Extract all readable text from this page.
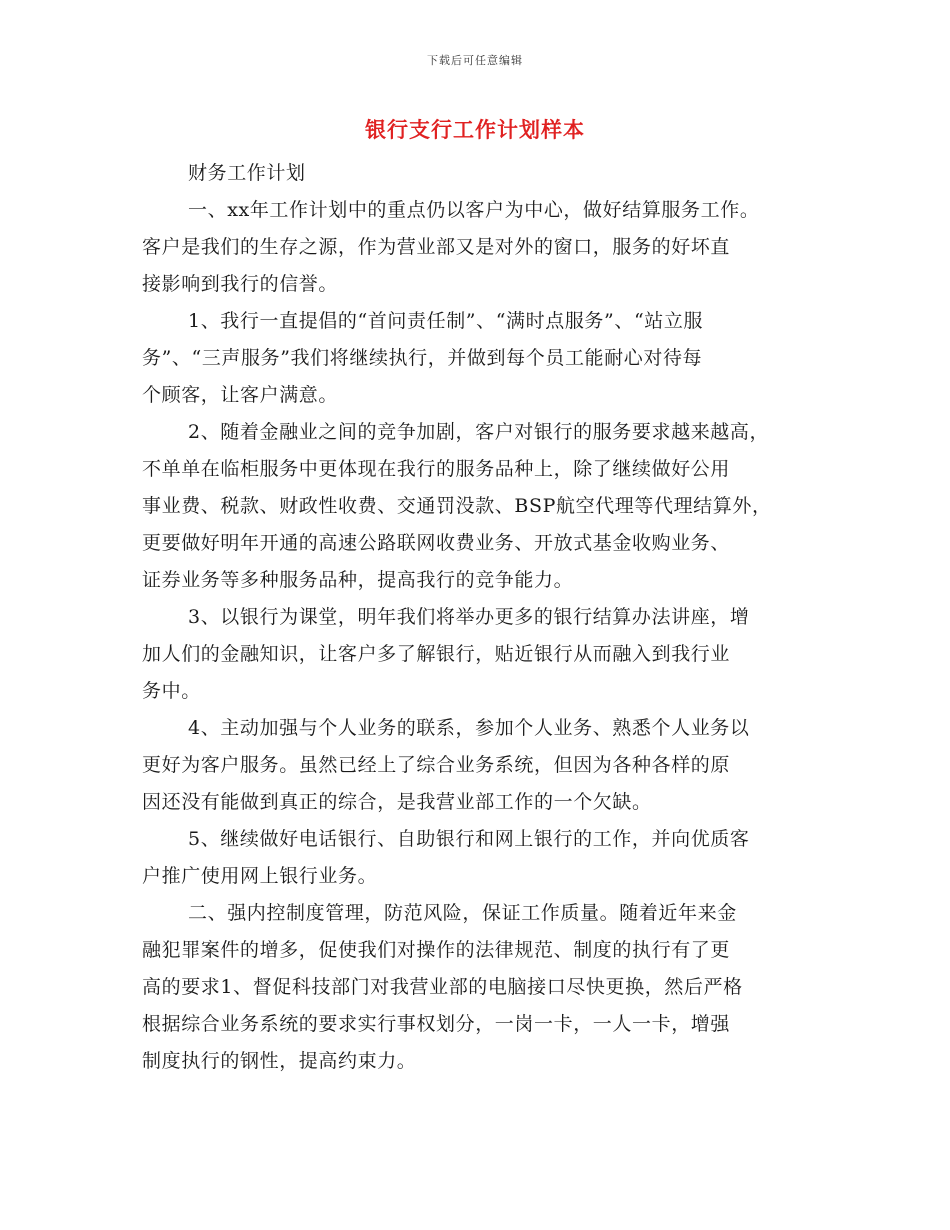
下载后可任意编辑
银行支行工作计划样本
财务工作计划
一、xx年工作计划中的重点仍以客户为中心，做好结算服务工作。
客户是我们的生存之源，作为营业部又是对外的窗口，服务的好坏直
接影响到我行的信誉。
1、我行一直提倡的“首问责任制”、“满时点服务”、“站立服
务”、“三声服务”我们将继续执行，并做到每个员工能耐心对待每
个顾客，让客户满意。
2、随着金融业之间的竞争加剧，客户对银行的服务要求越来越高，
不单单在临柜服务中更体现在我行的服务品种上，除了继续做好公用
事业费、税款、财政性收费、交通罚没款、BSP航空代理等代理结算外，
更要做好明年开通的高速公路联网收费业务、开放式基金收购业务、
证券业务等多种服务品种，提高我行的竞争能力。
3、以银行为课堂，明年我们将举办更多的银行结算办法讲座，增
加人们的金融知识，让客户多了解银行，贴近银行从而融入到我行业
务中。
4、主动加强与个人业务的联系，参加个人业务、熟悉个人业务以
更好为客户服务。虽然已经上了综合业务系统，但因为各种各样的原
因还没有能做到真正的综合，是我营业部工作的一个欠缺。
5、继续做好电话银行、自助银行和网上银行的工作，并向优质客
户推广使用网上银行业务。
二、强内控制度管理，防范风险，保证工作质量。随着近年来金
融犯罪案件的增多，促使我们对操作的法律规范、制度的执行有了更
高的要求1、督促科技部门对我营业部的电脑接口尽快更换，然后严格
根据综合业务系统的要求实行事权划分，一岗一卡，一人一卡，增强
制度执行的钢性，提高约束力。
